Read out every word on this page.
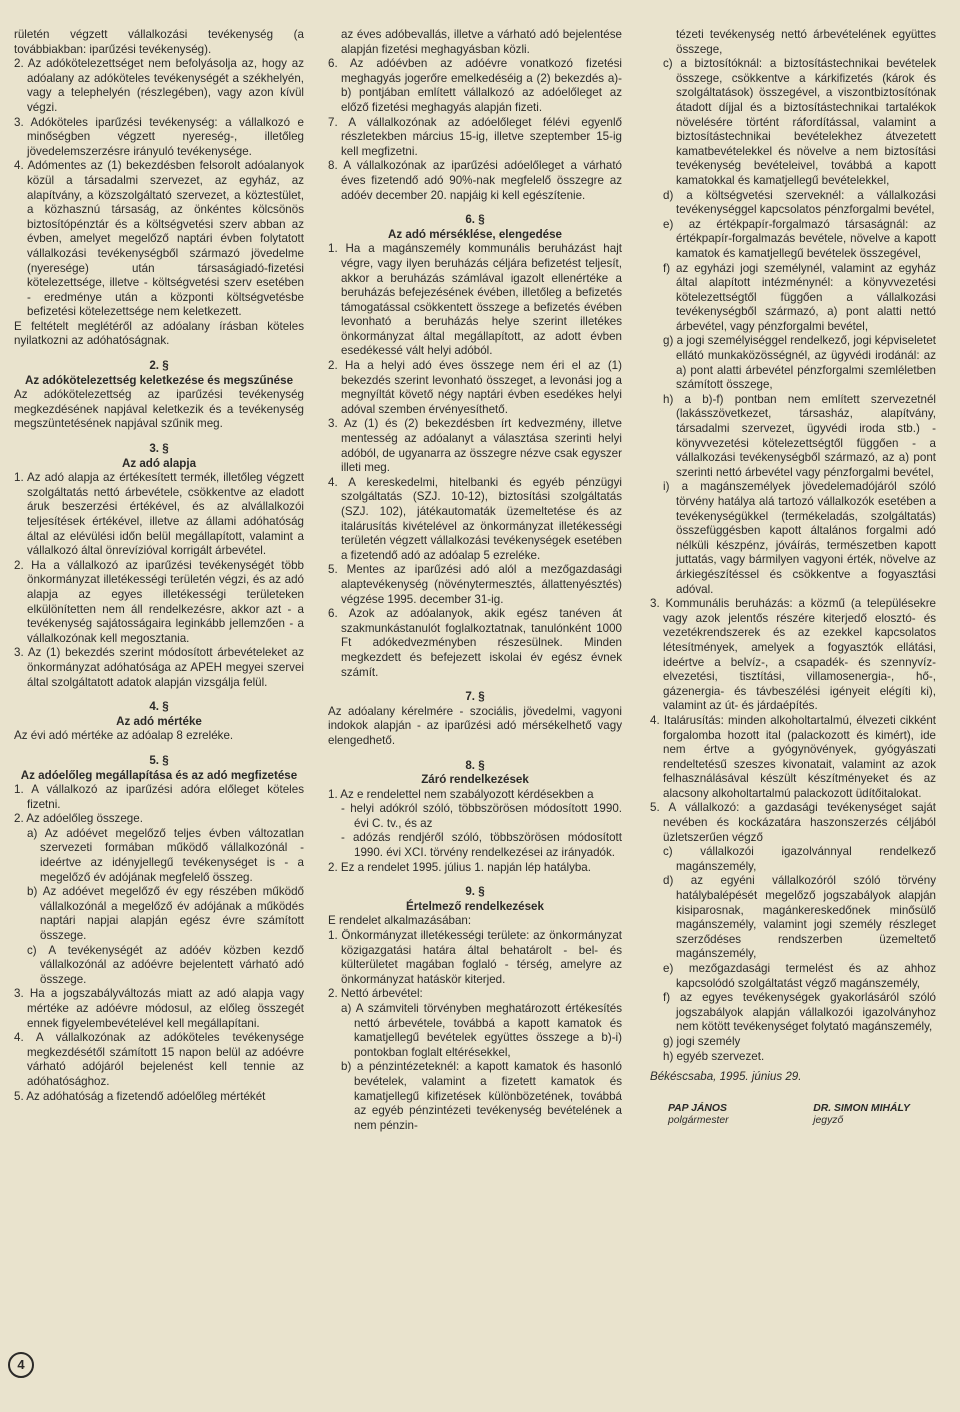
rületén végzett vállalkozási tevékenység (a továbbiakban: iparűzési tevékenység).

2. Az adókötelezettséget nem befolyásolja az, hogy az adóalany az adóköteles tevékenységét a székhelyén, vagy a telephelyén (részlegében), vagy azon kívül végzi.

3. Adóköteles iparűzési tevékenység: a vállalkozó e minőségben végzett nyereség-, illetőleg jövedelemszerzésre irányuló tevékenysége.

4. Adómentes az (1) bekezdésben felsorolt adóalanyok közül a társadalmi szervezet, az egyház, az alapítvány, a közszolgáltató szervezet, a köztestület, a közhasznú társaság, az önkéntes kölcsönös biztosítópénztár és a költségvetési szerv abban az évben, amelyet megelőző naptári évben folytatott vállalkozási tevékenységből származó jövedelme (nyeresége) után társaságiadó-fizetési kötelezettsége, illetve - költségvetési szerv esetében - eredménye után a központi költségvetésbe befizetési kötelezettsége nem keletkezett.

E feltételt meglétéről az adóalany írásban köteles nyilatkozni az adóhatóságnak.

2. §
Az adókötelezettség keletkezése és megszűnése

Az adókötelezettség az iparűzési tevékenység megkezdésének napjával keletkezik és a tevékenység megszüntetésének napjával szűnik meg.

3. §
Az adó alapja

1. Az adó alapja az értékesített termék, illetőleg végzett szolgáltatás nettó árbevétele, csökkentve az eladott áruk beszerzési értékével, és az alvállalkozói teljesítések értékével, illetve az állami adóhatóság által az elévülési időn belül megállapított, valamint a vállalkozó által önrevízióval korrigált árbevétel.

2. Ha a vállalkozó az iparűzési tevékenységét több önkormányzat illetékességi területén végzi, és az adó alapja az egyes illetékességi területeken elkülönítetten nem áll rendelkezésre, akkor azt - a tevékenység sajátosságaira leginkább jellemzően - a vállalkozónak kell megosztania.

3. Az (1) bekezdés szerint módosított árbevételeket az önkormányzat adóhatósága az APEH megyei szervei által szolgáltatott adatok alapján vizsgálja felül.

4. §
Az adó mértéke

Az évi adó mértéke az adóalap 8 ezreléke.

5. §
Az adóelőleg megállapítása és az adó megfizetése

1. A vállalkozó az iparűzési adóra előleget köteles fizetni.

2. Az adóelőleg összege.

a) Az adóévet megelőző teljes évben változatlan szervezeti formában működő vállalkozónál - ideértve az idényjellegű tevékenységet is - a megelőző év adójának megfelelő összeg.

b) Az adóévet megelőző év egy részében működő vállalkozónál a megelőző év adójának a működés naptári napjai alapján egész évre számított összege.

c) A tevékenységét az adóév közben kezdő vállalkozónál az adóévre bejelentett várható adó összege.

3. Ha a jogszabályváltozás miatt az adó alapja vagy mértéke az adóévre módosul, az előleg összegét ennek figyelembevételével kell megállapítani.

4. A vállalkozónak az adóköteles tevékenysége megkezdésétől számított 15 napon belül az adóévre várható adójáról bejelenést kell tennie az adóhatósághoz.

5. Az adóhatóság a fizetendő adóelőleg mértékét

az éves adóbevallás, illetve a várható adó bejelentése alapján fizetési meghagyásban közli.

6. Az adóévben az adóévre vonatkozó fizetési meghagyás jogerőre emelkedéséig a (2) bekezdés a)-b) pontjában említett vállalkozó az adóelőleget az előző fizetési meghagyás alapján fizeti.

7. A vállalkozónak az adóelőleget félévi egyenlő részletekben március 15-ig, illetve szeptember 15-ig kell megfizetni.

8. A vállalkozónak az iparűzési adóelőleget a várható éves fizetendő adó 90%-nak megfelelő összegre az adóév december 20. napjáig ki kell egészítenie.

6. §
Az adó mérséklése, elengedése

1. Ha a magánszemély kommunális beruházást hajt végre, vagy ilyen beruházás céljára befizetést teljesít, akkor a beruházás számlával igazolt ellenértéke a beruházás befejezésének évében, illetőleg a befizetés támogatással csökkentett összege a befizetés évében levonható a beruházás helye szerint illetékes önkormányzat által megállapított, az adott évben esedékessé vált helyi adóból.

2. Ha a helyi adó éves összege nem éri el az (1) bekezdés szerint levonható összeget, a levonási jog a megnyíltát követő négy naptári évben esedékes helyi adóval szemben érvényesíthető.

3. Az (1) és (2) bekezdésben írt kedvezmény, illetve mentesség az adóalanyt a választása szerinti helyi adóból, de ugyanarra az összegre nézve csak egyszer illeti meg.

4. A kereskedelmi, hitelbanki és egyéb pénzügyi szolgáltatás (SZJ. 10-12), biztosítási szolgáltatás (SZJ. 102), játékautomaták üzemeltetése és az italárusítás kivételével az önkormányzat illetékességi területén végzett vállalkozási tevékenységek esetében a fizetendő adó az adóalap 5 ezreléke.

5. Mentes az iparűzési adó alól a mezőgazdasági alaptevékenység (növénytermesztés, állattenyésztés) végzése 1995. december 31-ig.

6. Azok az adóalanyok, akik egész tanéven át szakmunkástanulót foglalkoztatnak, tanulónként 1000 Ft adókedvezményben részesülnek. Minden megkezdett és befejezett iskolai év egész évnek számít.

7. §

Az adóalany kérelmére - szociális, jövedelmi, vagyoni indokok alapján - az iparűzési adó mérsékelhető vagy elengedhető.

8. §
Záró rendelkezések

1. Az e rendelettel nem szabályozott kérdésekben a

- helyi adókról szóló, többszörösen módosított 1990. évi C. tv., és az

- adózás rendjéről szóló, többszörösen módosított 1990. évi XCI. törvény rendelkezései az irányadók.

2. Ez a rendelet 1995. július 1. napján lép hatályba.

9. §
Értelmező rendelkezések

E rendelet alkalmazásában:

1. Önkormányzat illetékességi területe: az önkormányzat közigazgatási határa által behatárolt - bel- és külterületet magában foglaló - térség, amelyre az önkormányzat hatáskör kiterjed.

2. Nettó árbevétel:

a) A számviteli törvényben meghatározott értékesítés nettó árbevétele, továbbá a kapott kamatok és kamatjellegű bevételek együttes összege a b)-i) pontokban foglalt eltérésekkel,

b) a pénzintézeteknél: a kapott kamatok és hasonló bevételek, valamint a fizetett kamatok és kamatjellegű kifizetések különbözetének, továbbá az egyéb pénzintézeti tevékenység bevételének a nem pénzin-

tézeti tevékenység nettó árbevételének együttes összege,

c) a biztosítóknál: a biztosítástechnikai bevételek összege, csökkentve a kárkifizetés (károk és szolgáltatások) összegével, a viszontbiztosítónak átadott díjjal és a biztosítástechnikai tartalékok növelésére történt ráfordítással, valamint a biztosítástechnikai bevételekhez átvezetett kamatbevételekkel és növelve a nem biztosítási tevékenység bevételeivel, továbbá a kapott kamatokkal és kamatjellegű bevételekkel,

d) a költségvetési szerveknél: a vállalkozási tevékenységgel kapcsolatos pénzforgalmi bevétel,

e) az értékpapír-forgalmazó társaságnál: az értékpapír-forgalmazás bevétele, növelve a kapott kamatok és kamatjellegű bevételek összegével,

f) az egyházi jogi személynél, valamint az egyház által alapított intézménynél: a könyvvezetési kötelezettségtől függően a vállalkozási tevékenységből származó, a) pont alatti nettó árbevétel, vagy pénzforgalmi bevétel,

g) a jogi személyiséggel rendelkező, jogi képviseletet ellátó munkaközösségnél, az ügyvédi irodánál: az a) pont alatti árbevétel pénzforgalmi szemléletben számított összege,

h) a b)-f) pontban nem említett szervezetnél (lakásszövetkezet, társasház, alapítvány, társadalmi szervezet, ügyvédi iroda stb.) - könyvvezetési kötelezettségtől függően - a vállalkozási tevékenységből származó, az a) pont szerinti nettó árbevétel vagy pénzforgalmi bevétel,

i) a magánszemélyek jövedelemadójáról szóló törvény hatálya alá tartozó vállalkozók esetében a tevékenységükkel (termékeladás, szolgáltatás) összefüggésben kapott általános forgalmi adó nélküli készpénz, jóváírás, természetben kapott juttatás, vagy bármilyen vagyoni érték, növelve az árkiegészítéssel és csökkentve a fogyasztási adóval.

3. Kommunális beruházás: a közmű (a településekre vagy azok jelentős részére kiterjedő elosztó- és vezetékrendszerek és az ezekkel kapcsolatos létesítmények, amelyek a fogyasztók ellátási, ideértve a belvíz-, a csapadék- és szennyvíz-elvezetési, tisztítási, villamosenergia-, hő-, gázenergia- és távbeszélési igényeit elégíti ki), valamint az út- és járdaépítés.

4. Italárusítás: minden alkoholtartalmú, élvezeti cikként forgalomba hozott ital (palackozott és kimért), ide nem értve a gyógynövények, gyógyászati rendeltetésű szeszes kivonatait, valamint az azok felhasználásával készült készítményeket és az alacsony alkoholtartalmú palackozott üdítőitalokat.

5. A vállalkozó: a gazdasági tevékenységet saját nevében és kockázatára haszonszerzés céljából üzletszerűen végző

c) vállalkozói igazolvánnyal rendelkező magánszemély,

d) az egyéni vállalkozóról szóló törvény hatálybalépését megelőző jogszabályok alapján kisiparosnak, magánkereskedőnek minősülő magánszemély, valamint jogi személy részleget szerződéses rendszerben üzemeltető magánszemély,

e) mezőgazdasági termelést és az ahhoz kapcsolódó szolgáltatást végző magánszemély,

f) az egyes tevékenységek gyakorlásáról szóló jogszabályok alapján vállalkozói igazolványhoz nem kötött tevékenységet folytató magánszemély,

g) jogi személy

h) egyéb szervezet.

Békéscsaba, 1995. június 29.
PAP JÁNOS
polgármester
DR. SIMON MIHÁLY
jegyző
4
